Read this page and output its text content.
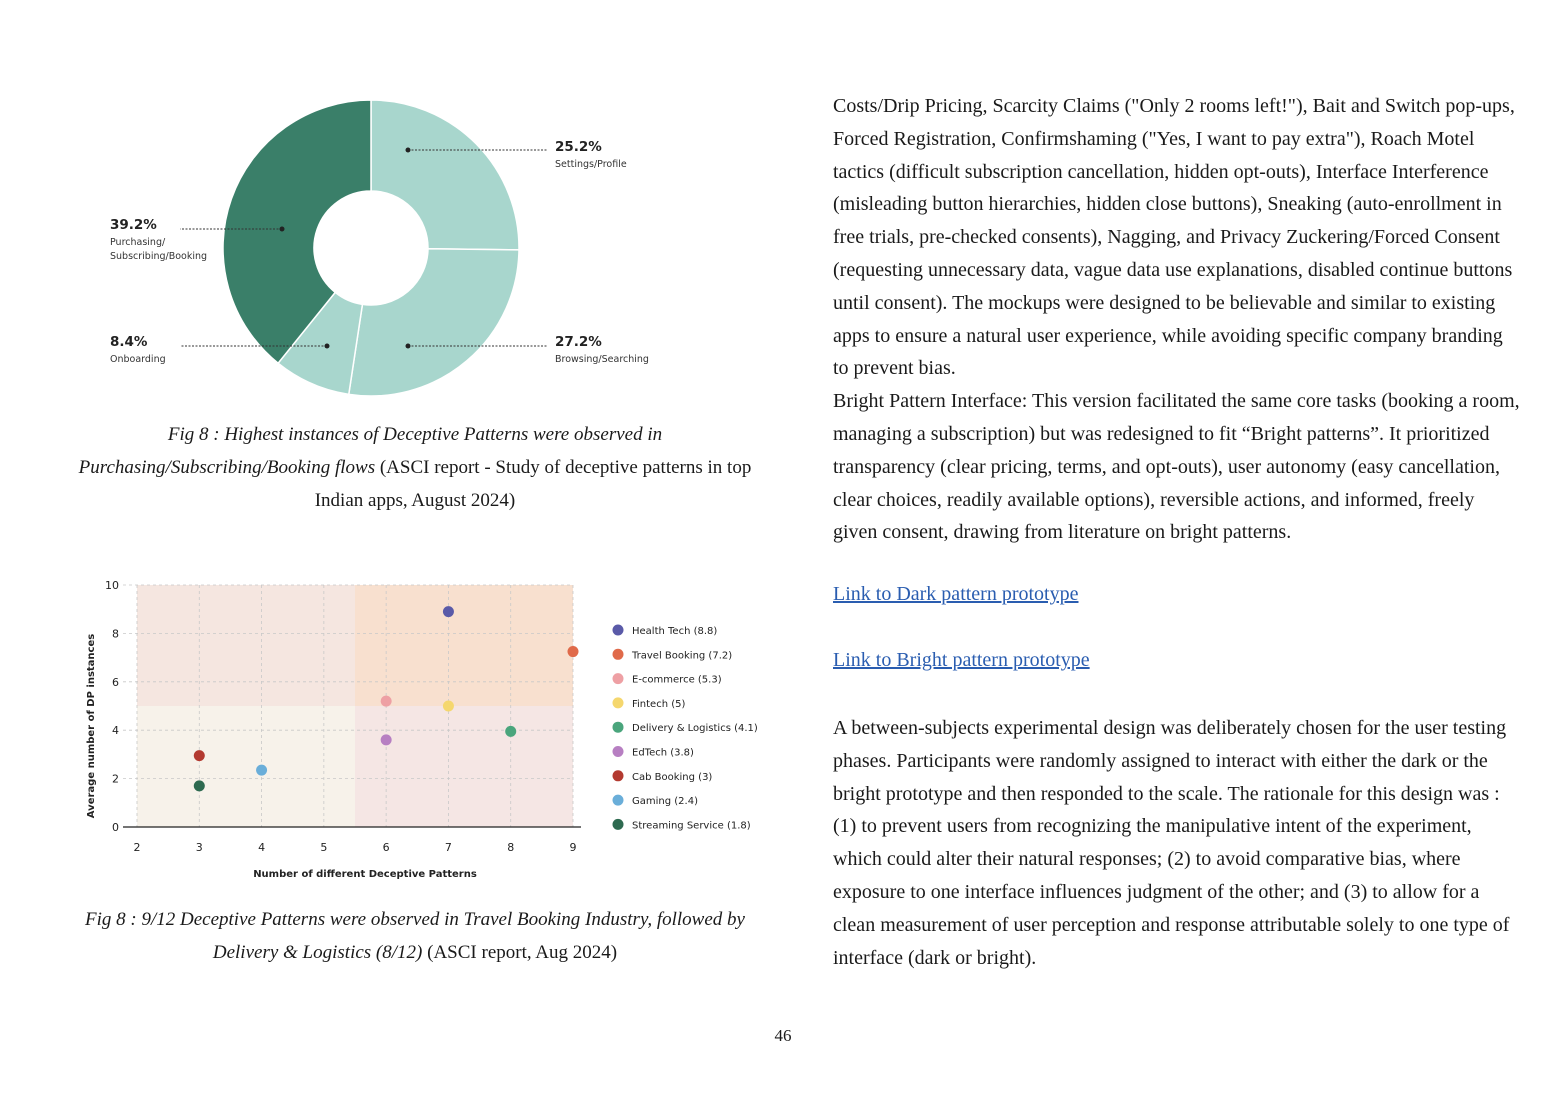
25.2%
Settings/Profile
27.2%
Browsing/Searching
8.4%
Onboarding
39.2%
Purchasing/
Subscribing/Booking
Fig 8 : Highest instances of Deceptive Patterns were observed in Purchasing/Subscribing/Booking flows (ASCI report - Study of deceptive patterns in top Indian apps, August 2024)
2	3	4	5	6	7	8	9
0
2
4
6
8
10
Number of different Deceptive Patterns
Average number of DP instances
Health Tech (8.8)
Travel Booking (7.2)
E-commerce (5.3)
Fintech (5)
Delivery & Logistics (4.1)
EdTech (3.8)
Cab Booking (3)
Gaming (2.4)
Streaming Service (1.8)
Fig 8 : 9/12 Deceptive Patterns were observed in Travel Booking Industry, followed by Delivery & Logistics (8/12) (ASCI report, Aug 2024)

Costs/Drip Pricing, Scarcity Claims ("Only 2 rooms left!"), Bait and Switch pop-ups, Forced Registration, Confirmshaming ("Yes, I want to pay extra"), Roach Motel tactics (difficult subscription cancellation, hidden opt-outs), Interface Interference (misleading button hierarchies, hidden close buttons), Sneaking (auto-enrollment in free trials, pre-checked consents), Nagging, and Privacy Zuckering/Forced Consent (requesting unnecessary data, vague data use explanations, disabled continue buttons until consent). The mockups were designed to be believable and similar to existing apps to ensure a natural user experience, while avoiding specific company branding to prevent bias.

Bright Pattern Interface: This version facilitated the same core tasks (booking a room, managing a subscription) but was redesigned to fit “Bright patterns”. It prioritized transparency (clear pricing, terms, and opt-outs), user autonomy (easy cancellation, clear choices, readily available options), reversible actions, and informed, freely given consent, drawing from literature on bright patterns.

Link to Dark pattern prototype
Link to Bright pattern prototype

A between-subjects experimental design was deliberately chosen for the user testing phases. Participants were randomly assigned to interact with either the dark or the bright prototype and then responded to the scale. The rationale for this design was : (1) to prevent users from recognizing the manipulative intent of the experiment, which could alter their natural responses; (2) to avoid comparative bias, where exposure to one interface influences judgment of the other; and (3) to allow for a clean measurement of user perception and response attributable solely to one type of interface (dark or bright).

46
